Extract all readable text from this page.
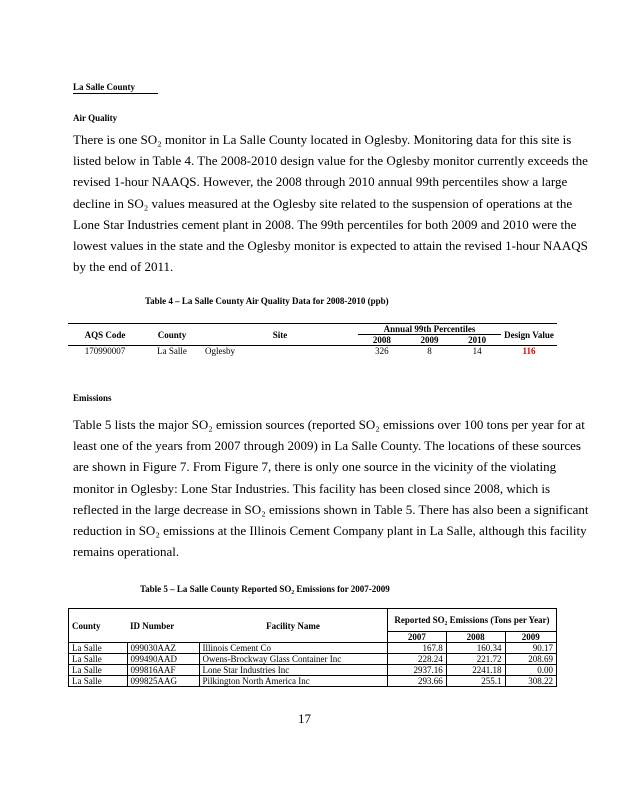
La Salle County
Air Quality

There is one SO₂ monitor in La Salle County located in Oglesby. Monitoring data for this site is listed below in Table 4. The 2008-2010 design value for the Oglesby monitor currently exceeds the revised 1-hour NAAQS. However, the 2008 through 2010 annual 99th percentiles show a large decline in SO₂ values measured at the Oglesby site related to the suspension of operations at the Lone Star Industries cement plant in 2008. The 99th percentiles for both 2009 and 2010 were the lowest values in the state and the Oglesby monitor is expected to attain the revised 1-hour NAAQS by the end of 2011.

Table 4 – La Salle County Air Quality Data for 2008-2010 (ppb)
AQS Code	County	Site	Annual 99th Percentiles			Design Value
			2008	2009	2010	
170990007	La Salle	Oglesby	326	8	14	116
Emissions

Table 5 lists the major SO₂ emission sources (reported SO₂ emissions over 100 tons per year for at least one of the years from 2007 through 2009) in La Salle County. The locations of these sources are shown in Figure 7. From Figure 7, there is only one source in the vicinity of the violating monitor in Oglesby: Lone Star Industries. This facility has been closed since 2008, which is reflected in the large decrease in SO₂ emissions shown in Table 5. There has also been a significant reduction in SO₂ emissions at the Illinois Cement Company plant in La Salle, although this facility remains operational.

Table 5 – La Salle County Reported SO₂ Emissions for 2007-2009
County	ID Number	Facility Name	Reported SO₂ Emissions (Tons per Year)		
			2007	2008	2009
La Salle	099030AAZ	Illinois Cement Co	167.8	160.34	90.17
La Salle	099490AAD	Owens-Brockway Glass Container Inc	228.24	221.72	208.69
La Salle	099816AAF	Lone Star Industries Inc	2937.16	2241.18	0.00
La Salle	099825AAG	Pilkington North America Inc	293.66	255.1	308.22
17
